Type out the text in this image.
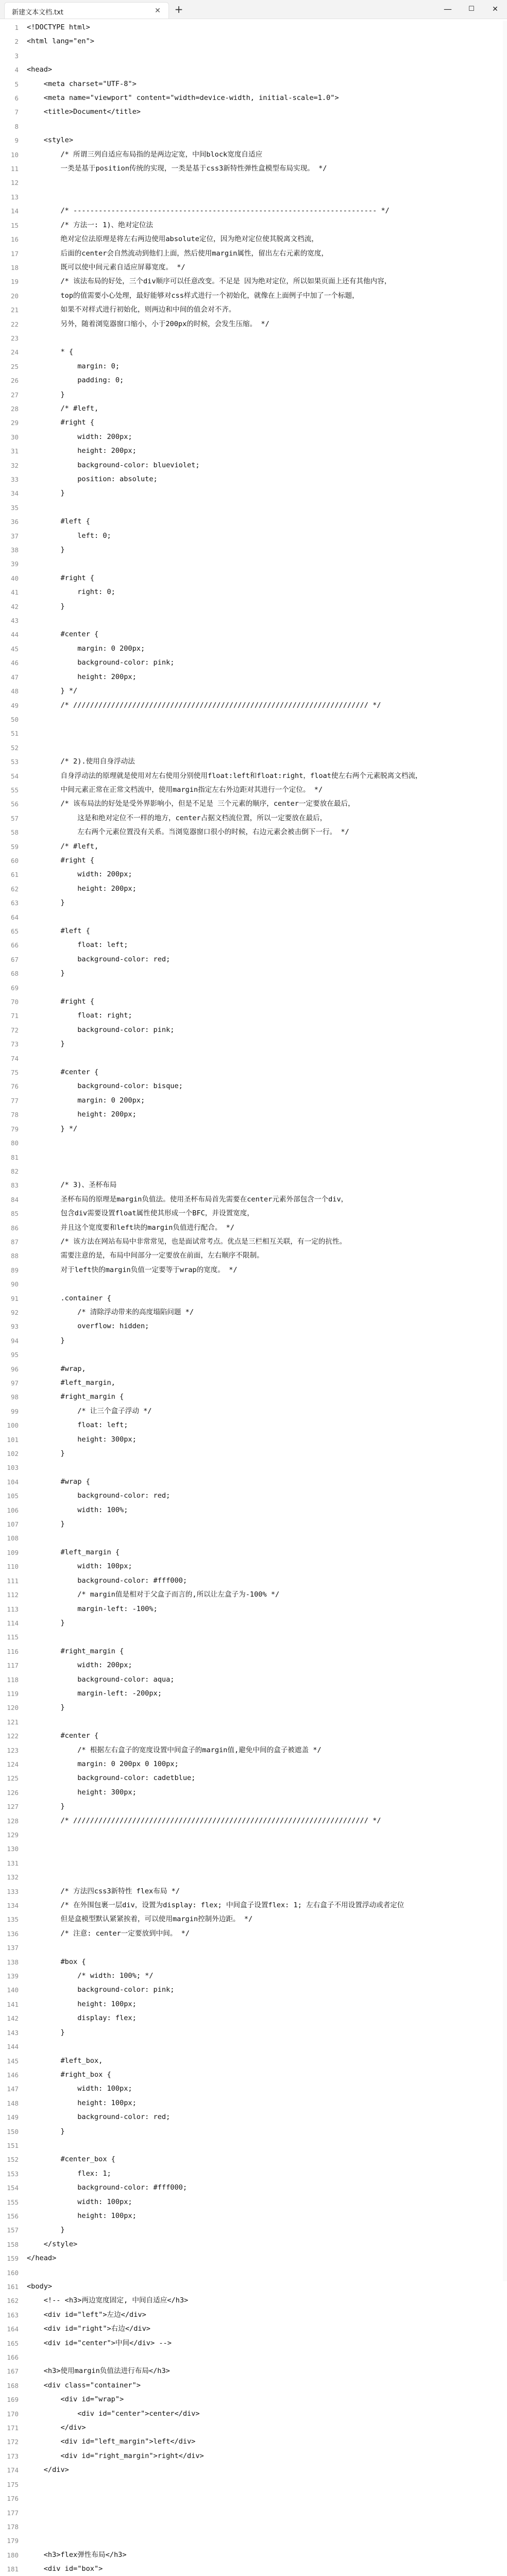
新建文本文档.txt	✕ +	—	☐	✕
1 <!DOCTYPE html>
2 <html lang="en">
3
4 <head>
5 <meta charset="UTF-8">
6 <meta name="viewport" content="width=device-width, initial-scale=1.0">
7 <title>Document</title>
8
9 <style>
10 /* 所谓三列自适应布局指的是两边定宽，中间block宽度自适应
11 一类是基于position传统的实现，一类是基于css3新特性弹性盒模型布局实现。 */
12
13
14 /* ------------------------------------------------------------------------ */
15 /* 方法一: 1)、绝对定位法
16 绝对定位法原理是将左右两边使用absolute定位，因为绝对定位使其脱离文档流，
17 后面的center会自然流动到他们上面，然后使用margin属性，留出左右元素的宽度，
18 既可以使中间元素自适应屏幕宽度。 */
19 /* 该法布局的好处，三个div顺序可以任意改变。不足是 因为绝对定位，所以如果页面上还有其他内容，
20 top的值需要小心处理，最好能够对css样式进行一个初始化，就像在上面例子中加了一个标题，
21 如果不对样式进行初始化，则两边和中间的值会对不齐。
22 另外，随着浏览器窗口缩小，小于200px的时候，会发生压缩。 */
23
24 * {
25 margin: 0;
26 padding: 0;
27 }
28 /* #left,
29 #right {
30 width: 200px;
31 height: 200px;
32 background-color: blueviolet;
33 position: absolute;
34 }
35
36 #left {
37 left: 0;
38 }
39
40 #right {
41 right: 0;
42 }
43
44 #center {
45 margin: 0 200px;
46 background-color: pink;
47 height: 200px;
48 } */
49 /* ////////////////////////////////////////////////////////////////////// */
50
51
52
53 /* 2).使用自身浮动法
54 自身浮动法的原理就是使用对左右使用分别使用float:left和float:right，float使左右两个元素脱离文档流，
55 中间元素正常在正常文档流中，使用margin指定左右外边距对其进行一个定位。 */
56 /* 该布局法的好处是受外界影响小，但是不足是 三个元素的顺序，center一定要放在最后，
57 这是和绝对定位不一样的地方，center占据文档流位置，所以一定要放在最后，
58 左右两个元素位置没有关系。当浏览器窗口很小的时候，右边元素会被击倒下一行。 */
59 /* #left,
60 #right {
61 width: 200px;
62 height: 200px;
63 }
64
65 #left {
66 float: left;
67 background-color: red;
68 }
69
70 #right {
71 float: right;
72 background-color: pink;
73 }
74
75 #center {
76 background-color: bisque;
77 margin: 0 200px;
78 height: 200px;
79 } */
80
81
82
83 /* 3)、圣杯布局
84 圣杯布局的原理是margin负值法。使用圣杯布局首先需要在center元素外部包含一个div，
85 包含div需要设置float属性使其形成一个BFC，并设置宽度，
86 并且这个宽度要和left块的margin负值进行配合。 */
87 /* 该方法在网站布局中非常常见，也是面试常考点。优点是三栏相互关联，有一定的抗性。
88 需要注意的是，布局中间部分一定要放在前面，左右顺序不限制。
89 对于left快的margin负值一定要等于wrap的宽度。 */
90
91 .container {
92 /* 清除浮动带来的高度塌陷问题 */
93 overflow: hidden;
94 }
95
96 #wrap,
97 #left_margin,
98 #right_margin {
99 /* 让三个盒子浮动 */
100 float: left;
101 height: 300px;
102 }
103
104 #wrap {
105 background-color: red;
106 width: 100%;
107 }
108
109 #left_margin {
110 width: 100px;
111 background-color: #fff000;
112 /* margin值是相对于父盒子而言的,所以让左盒子为-100% */
113 margin-left: -100%;
114 }
115
116 #right_margin {
117 width: 200px;
118 background-color: aqua;
119 margin-left: -200px;
120 }
121
122 #center {
123 /* 根据左右盒子的宽度设置中间盒子的margin值,避免中间的盒子被遮盖 */
124 margin: 0 200px 0 100px;
125 background-color: cadetblue;
126 height: 300px;
127 }
128 /* ////////////////////////////////////////////////////////////////////// */
129
130
131
132
133 /* 方法四css3新特性 flex布局 */
134 /* 在外围包裹一层div，设置为display: flex; 中间盒子设置flex: 1; 左右盒子不用设置浮动或者定位
135 但是盒模型默认紧紧挨着，可以使用margin控制外边距。 */
136 /* 注意: center一定要放到中间。 */
137
138 #box {
139 /* width: 100%; */
140 background-color: pink;
141 height: 100px;
142 display: flex;
143 }
144
145 #left_box,
146 #right_box {
147 width: 100px;
148 height: 100px;
149 background-color: red;
150 }
151
152 #center_box {
153 flex: 1;
154 background-color: #fff000;
155 width: 100px;
156 height: 100px;
157 }
158 </style>
159 </head>
160
161 <body>
162 <!-- <h3>两边宽度固定, 中间自适应</h3>
163 <div id="left">左边</div>
164 <div id="right">右边</div>
165 <div id="center">中间</div> -->
166
167 <h3>使用margin负值法进行布局</h3>
168 <div class="container">
169 <div id="wrap">
170 <div id="center">center</div>
171 </div>
172 <div id="left_margin">left</div>
173 <div id="right_margin">right</div>
174 </div>
175
176
177
178
179
180 <h3>flex弹性布局</h3>
181 <div id="box">
